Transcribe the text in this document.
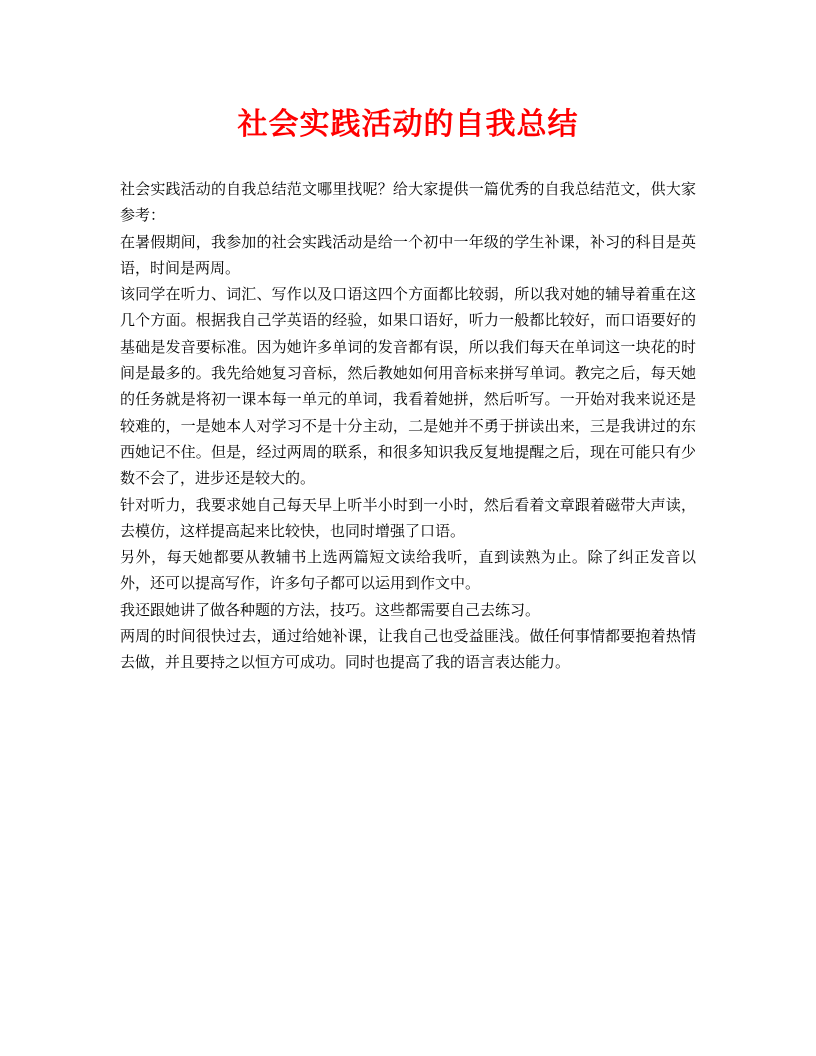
社会实践活动的自我总结

社会实践活动的自我总结范文哪里找呢？给大家提供一篇优秀的自我总结范文，供大家参考：

在暑假期间，我参加的社会实践活动是给一个初中一年级的学生补课，补习的科目是英语，时间是两周。

该同学在听力、词汇、写作以及口语这四个方面都比较弱，所以我对她的辅导着重在这几个方面。根据我自己学英语的经验，如果口语好，听力一般都比较好，而口语要好的基础是发音要标准。因为她许多单词的发音都有误，所以我们每天在单词这一块花的时间是最多的。我先给她复习音标，然后教她如何用音标来拼写单词。教完之后，每天她的任务就是将初一课本每一单元的单词，我看着她拼，然后听写。一开始对我来说还是较难的，一是她本人对学习不是十分主动，二是她并不勇于拼读出来，三是我讲过的东西她记不住。但是，经过两周的联系，和很多知识我反复地提醒之后，现在可能只有少数不会了，进步还是较大的。

针对听力，我要求她自己每天早上听半小时到一小时，然后看着文章跟着磁带大声读，去模仿，这样提高起来比较快，也同时增强了口语。

另外，每天她都要从教辅书上选两篇短文读给我听，直到读熟为止。除了纠正发音以外，还可以提高写作，许多句子都可以运用到作文中。

我还跟她讲了做各种题的方法，技巧。这些都需要自己去练习。

两周的时间很快过去，通过给她补课，让我自己也受益匪浅。做任何事情都要抱着热情去做，并且要持之以恒方可成功。同时也提高了我的语言表达能力。
